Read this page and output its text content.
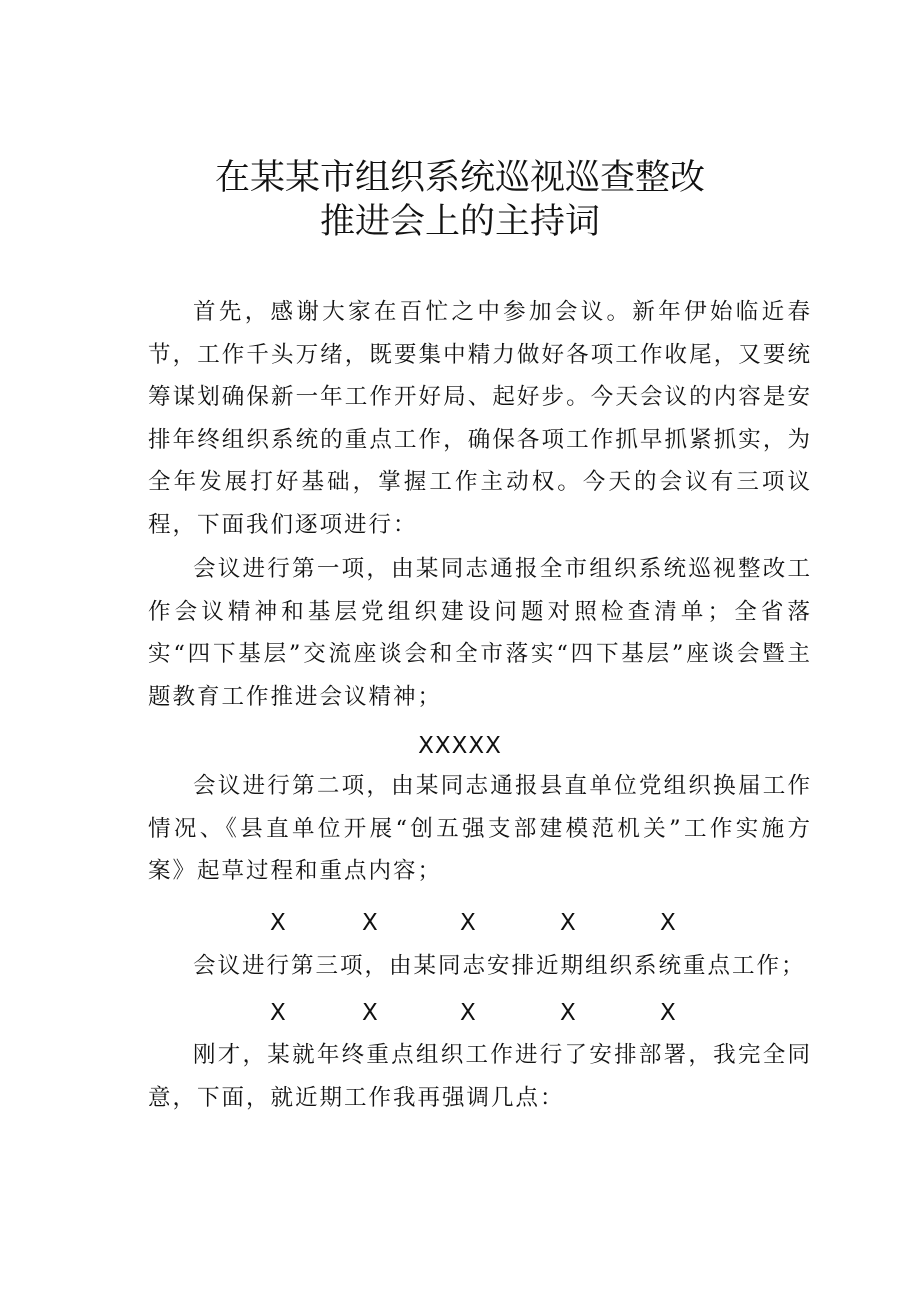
在某某市组织系统巡视巡查整改
推进会上的主持词

首先，感谢大家在百忙之中参加会议。新年伊始临近春节，工作千头万绪，既要集中精力做好各项工作收尾，又要统筹谋划确保新一年工作开好局、起好步。今天会议的内容是安排年终组织系统的重点工作，确保各项工作抓早抓紧抓实，为全年发展打好基础，掌握工作主动权。今天的会议有三项议程，下面我们逐项进行：

会议进行第一项，由某同志通报全市组织系统巡视整改工作会议精神和基层党组织建设问题对照检查清单；全省落实“四下基层”交流座谈会和全市落实“四下基层”座谈会暨主题教育工作推进会议精神；

XXXXX

会议进行第二项，由某同志通报县直单位党组织换届工作情况、《县直单位开展“创五强支部建模范机关”工作实施方案》起草过程和重点内容；

X	X	X	X	X

会议进行第三项，由某同志安排近期组织系统重点工作；

X	X	X	X	X

刚才，某就年终重点组织工作进行了安排部署，我完全同意，下面，就近期工作我再强调几点：
